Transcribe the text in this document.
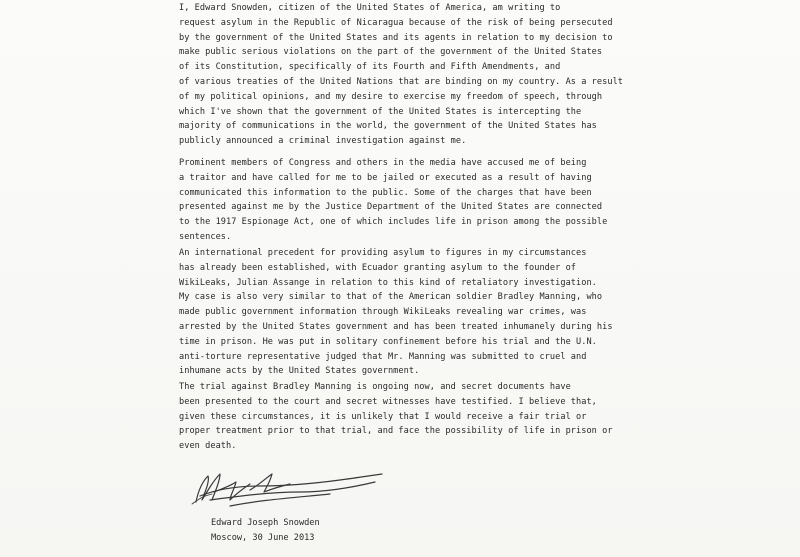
I, Edward Snowden, citizen of the United States of America, am writing to
request asylum in the Republic of Nicaragua because of the risk of being persecuted
by the government of the United States and its agents in relation to my decision to
make public serious violations on the part of the government of the United States
of its Constitution, specifically of its Fourth and Fifth Amendments, and
of various treaties of the United Nations that are binding on my country. As a result
of my political opinions, and my desire to exercise my freedom of speech, through
which I've shown that the government of the United States is intercepting the
majority of communications in the world, the government of the United States has
publicly announced a criminal investigation against me.

Prominent members of Congress and others in the media have accused me of being
a traitor and have called for me to be jailed or executed as a result of having
communicated this information to the public. Some of the charges that have been
presented against me by the Justice Department of the United States are connected
to the 1917 Espionage Act, one of which includes life in prison among the possible
sentences.

An international precedent for providing asylum to figures in my circumstances
has already been established, with Ecuador granting asylum to the founder of
WikiLeaks, Julian Assange in relation to this kind of retaliatory investigation.
My case is also very similar to that of the American soldier Bradley Manning, who
made public government information through WikiLeaks revealing war crimes, was
arrested by the United States government and has been treated inhumanely during his
time in prison. He was put in solitary confinement before his trial and the U.N.
anti-torture representative judged that Mr. Manning was submitted to cruel and
inhumane acts by the United States government.

The trial against Bradley Manning is ongoing now, and secret documents have
been presented to the court and secret witnesses have testified. I believe that,
given these circumstances, it is unlikely that I would receive a fair trial or
proper treatment prior to that trial, and face the possibility of life in prison or
even death.

Edward Joseph Snowden
Moscow, 30 June 2013
